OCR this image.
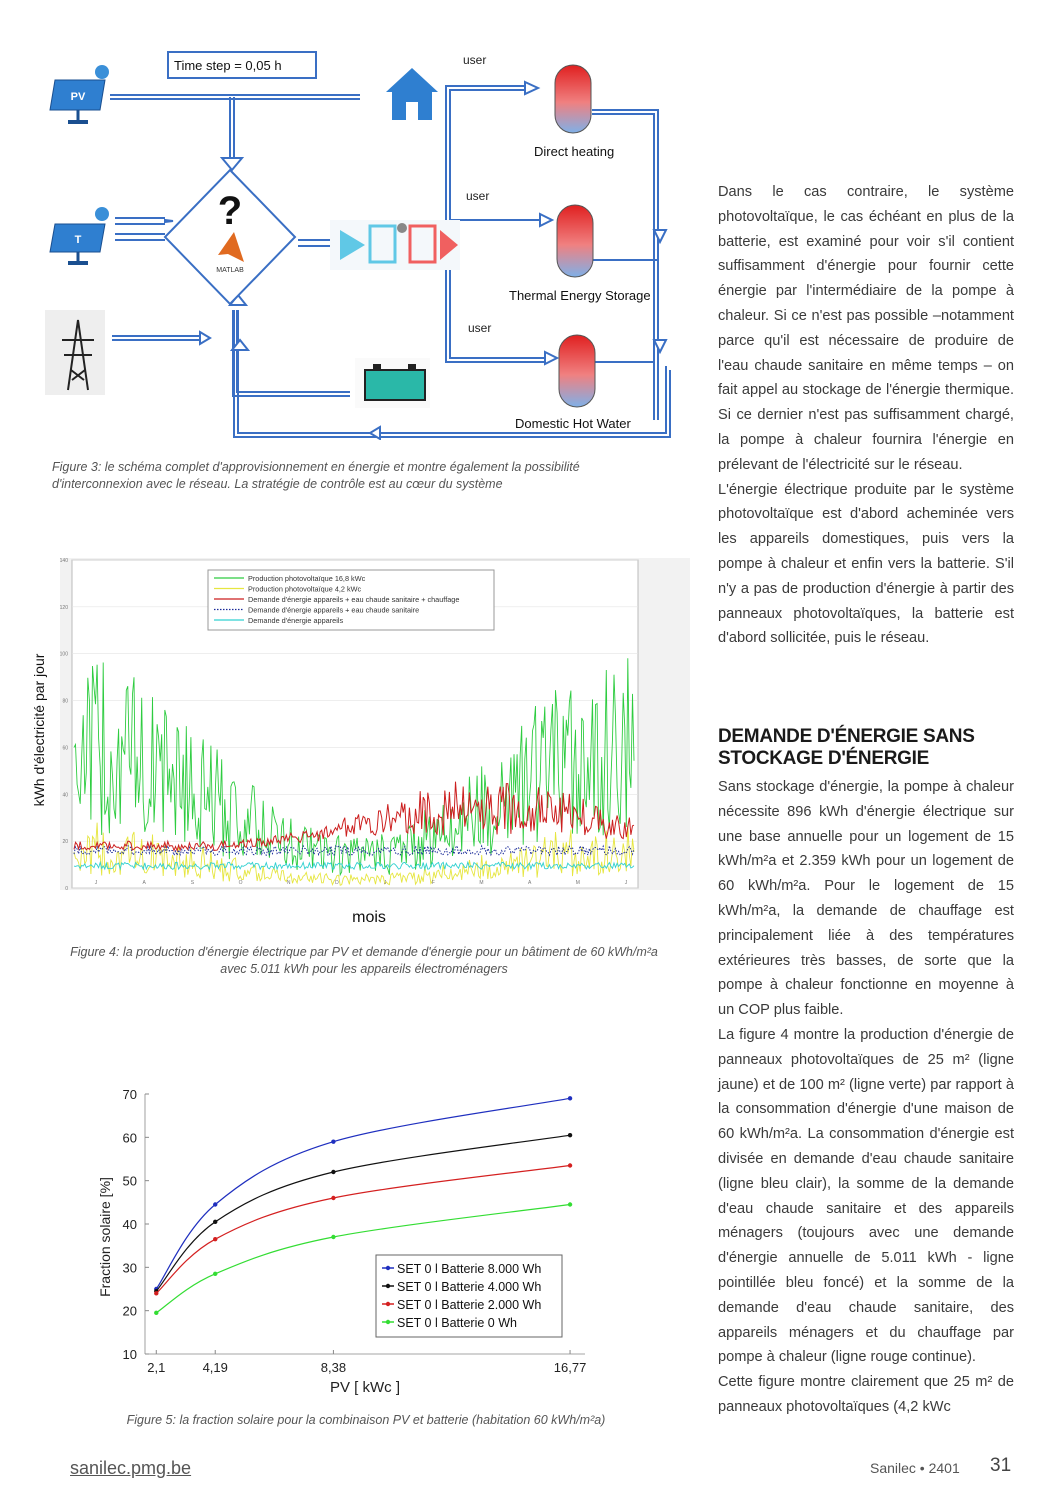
Time step = 0,05 h
PV
T
?
MATLAB
user
user
user
Direct heating
Thermal Energy Storage
Domestic Hot Water
Figure 3: le schéma complet d'approvisionnement en énergie et montre également la possibilité d'interconnexion avec le réseau. La stratégie de contrôle est au cœur du système
0
20
40
60
80
100
120
140
J	A	S	O	N	D	J	F	M	A	M	J
Production photovoltaïque 16,8 kWc
Production photovoltaïque 4,2 kWc
Demande d'énergie appareils + eau chaude sanitaire + chauffage
Demande d'énergie appareils + eau chaude sanitaire
Demande d'énergie appareils
kWh d'électricité par jour
mois
Figure 4: la production d'énergie électrique par PV et demande d'énergie pour un bâtiment de 60 kWh/m²a avec 5.011 kWh pour les appareils électroménagers
10
20
30
40
50
60
70
2,1	4,19	8,38	16,77
SET 0 l Batterie 8.000 Wh
SET 0 l Batterie 4.000 Wh
SET 0 l Batterie 2.000 Wh
SET 0 l Batterie 0 Wh
Fraction solaire [%]
PV [ kWc ]
Figure 5: la fraction solaire pour la combinaison PV et batterie (habitation 60 kWh/m²a)

Dans le cas contraire, le système photovoltaïque, le cas échéant en plus de la batterie, est examiné pour voir s'il contient suffisamment d'énergie pour fournir cette énergie par l'intermédiaire de la pompe à chaleur. Si ce n'est pas possible –notamment parce qu'il est nécessaire de produire de l'eau chaude sanitaire en même temps – on fait appel au stockage de l'énergie thermique. Si ce dernier n'est pas suffisamment chargé, la pompe à chaleur fournira l'énergie en prélevant de l'électricité sur le réseau.

L'énergie électrique produite par le système photovoltaïque est d'abord acheminée vers les appareils domestiques, puis vers la pompe à chaleur et enfin vers la batterie. S'il n'y a pas de production d'énergie à partir des panneaux photovoltaïques, la batterie est d'abord sollicitée, puis le réseau.

DEMANDE D'ÉNERGIE SANS STOCKAGE D'ÉNERGIE

Sans stockage d'énergie, la pompe à chaleur nécessite 896 kWh d'énergie électrique sur une base annuelle pour un logement de 15 kWh/m²a et 2.359 kWh pour un logement de 60 kWh/m²a. Pour le logement de 15 kWh/m²a, la demande de chauffage est principalement liée à des températures extérieures très basses, de sorte que la pompe à chaleur fonctionne en moyenne à un COP plus faible.

La figure 4 montre la production d'énergie de panneaux photovoltaïques de 25 m² (ligne jaune) et de 100 m² (ligne verte) par rapport à la consommation d'énergie d'une maison de 60 kWh/m²a. La consommation d'énergie est divisée en demande d'eau chaude sanitaire (ligne bleu clair), la somme de la demande d'eau chaude sanitaire et des appareils ménagers (toujours avec une demande d'énergie annuelle de 5.011 kWh - ligne pointillée bleu foncé) et la somme de la demande d'eau chaude sanitaire, des appareils ménagers et du chauffage par pompe à chaleur (ligne rouge continue).

Cette figure montre clairement que 25 m² de panneaux photovoltaïques (4,2 kWc

sanilec.pmg.be	Sanilec • 2401 31
